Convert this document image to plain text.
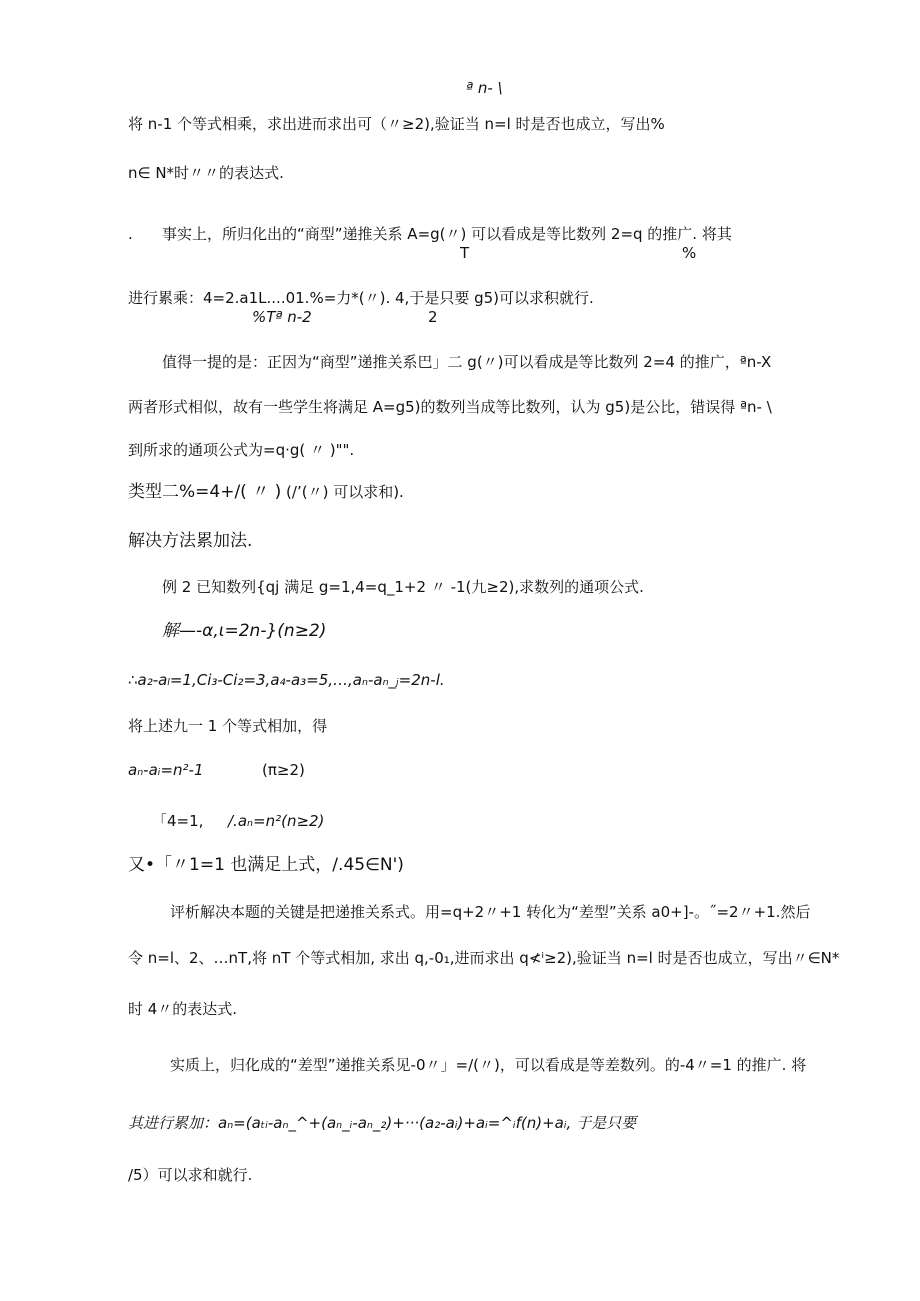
ª n- \
将 n-1 个等式相乘，求出进而求出可（〃≥2),验证当 n=l 时是否也成立，写出%
n∈ N*时〃〃的表达式.
. 事实上，所归化出的“商型”递推关系 A=g(〃) 可以看成是等比数列 2=q 的推广. 将其
T	%
进行累乘：4=2.a1L....01.%=力*(〃). 4,于是只要 g5)可以求积就行.
%Tª n-2	2
值得一提的是：正因为“商型”递推关系巴」二 g(〃)可以看成是等比数列 2=4 的推广，ªn-X
两者形式相似，故有一些学生将满足 A=g5)的数列当成等比数列，认为 g5)是公比，错误得 ªn- \
到所求的通项公式为=q·g( 〃 )"".
类型二%=4+/( 〃 ) (/’(〃) 可以求和).
解决方法累加法.
例 2 已知数列{qj 满足 g=1,4=q_1+2 〃 -1(九≥2),求数列的通项公式.
解—-α,ι=2n-}(n≥2)
∴a₂-aₗ=1,Ci₃-Ci₂=3,a₄-a₃=5,…,aₙ-aₙ_ⱼ=2n-l.
将上述九一 1 个等式相加，得
aₙ-aᵢ=n²-1	(π≥2)
「4=1, /.aₙ=n²(n≥2)
又•「〃1=1 也满足上式，/.45∈N')
评析解决本题的关键是把递推关系式。用=q+2〃+1 转化为“差型”关系 a0+]-。˝=2〃+1.然后
令 n=l、2、…nT,将 nT 个等式相加, 求出 q,-0₁,进而求出 q≮ⁱ≥2),验证当 n=l 时是否也成立，写出〃∈N*
时 4〃的表达式.
实质上，归化成的“差型”递推关系见-0〃」=/(〃)，可以看成是等差数列。的-4〃=1 的推广. 将
其进行累加：aₙ=(aₜᵢ-aₙ_^+(aₙ_ᵢ-aₙ_₂)+···(a₂-aᵢ)+aᵢ=^ᵢf(n)+aᵢ, 于是只要
/5）可以求和就行.
